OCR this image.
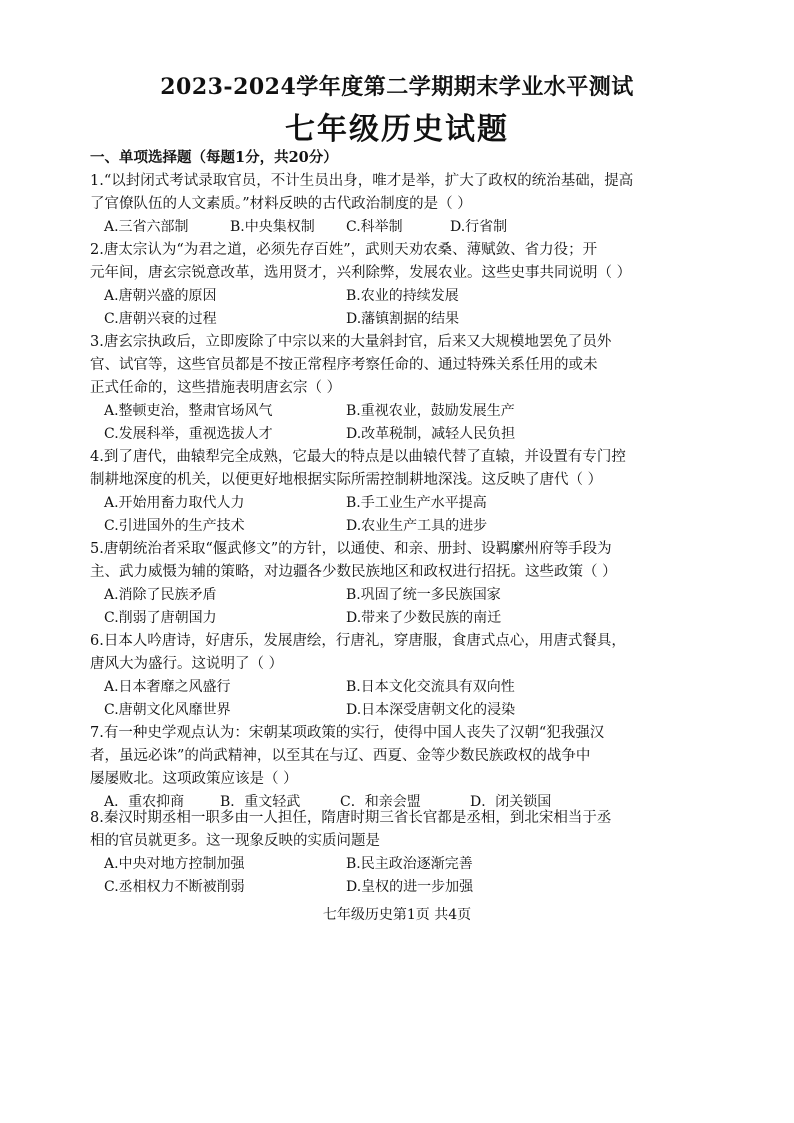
2023-2024学年度第二学期期末学业水平测试
七年级历史试题
一、单项选择题（每题1分，共20分）
1.“以封闭式考试录取官员，不计生员出身，唯才是举，扩大了政权的统治基础，提高
了官僚队伍的人文素质。”材料反映的古代政治制度的是（ ）
A.三省六部制	B.中央集权制 C.科举制	D.行省制
2.唐太宗认为“为君之道，必须先存百姓”，武则天劝农桑、薄赋敛、省力役；开
元年间，唐玄宗锐意改革，选用贤才，兴利除弊，发展农业。这些史事共同说明（ ）
A.唐朝兴盛的原因	B.农业的持续发展
C.唐朝兴衰的过程	D.藩镇割据的结果
3.唐玄宗执政后，立即废除了中宗以来的大量斜封官，后来又大规模地罢免了员外
官、试官等，这些官员都是不按正常程序考察任命的、通过特殊关系任用的或未
正式任命的，这些措施表明唐玄宗（ ）
A.整顿吏治，整肃官场风气	B.重视农业，鼓励发展生产
C.发展科举，重视选拔人才	D.改革税制，减轻人民负担
4.到了唐代，曲辕犁完全成熟，它最大的特点是以曲辕代替了直辕，并设置有专门控
制耕地深度的机关，以便更好地根据实际所需控制耕地深浅。这反映了唐代（ ）
A.开始用畜力取代人力	B.手工业生产水平提高
C.引进国外的生产技术	D.农业生产工具的进步
5.唐朝统治者采取“偃武修文”的方针，以通使、和亲、册封、设羁縻州府等手段为
主、武力威慑为辅的策略，对边疆各少数民族地区和政权进行招抚。这些政策（ ）
A.消除了民族矛盾	B.巩固了统一多民族国家
C.削弱了唐朝国力	D.带来了少数民族的南迁
6.日本人吟唐诗，好唐乐，发展唐绘，行唐礼，穿唐服，食唐式点心，用唐式餐具，
唐风大为盛行。这说明了（ ）
A.日本奢靡之风盛行	B.日本文化交流具有双向性
C.唐朝文化风靡世界	D.日本深受唐朝文化的浸染
7.有一种史学观点认为：宋朝某项政策的实行，使得中国人丧失了汉朝“犯我强汉
者，虽远必诛”的尚武精神，以至其在与辽、西夏、金等少数民族政权的战争中
屡屡败北。这项政策应该是（ ）
A．重农抑商	B．重文轻武	C．和亲会盟	D．闭关锁国
8.秦汉时期丞相一职多由一人担任，隋唐时期三省长官都是丞相，到北宋相当于丞
相的官员就更多。这一现象反映的实质问题是
A.中央对地方控制加强	B.民主政治逐渐完善
C.丞相权力不断被削弱	D.皇权的进一步加强
七年级历史第1页 共4页
